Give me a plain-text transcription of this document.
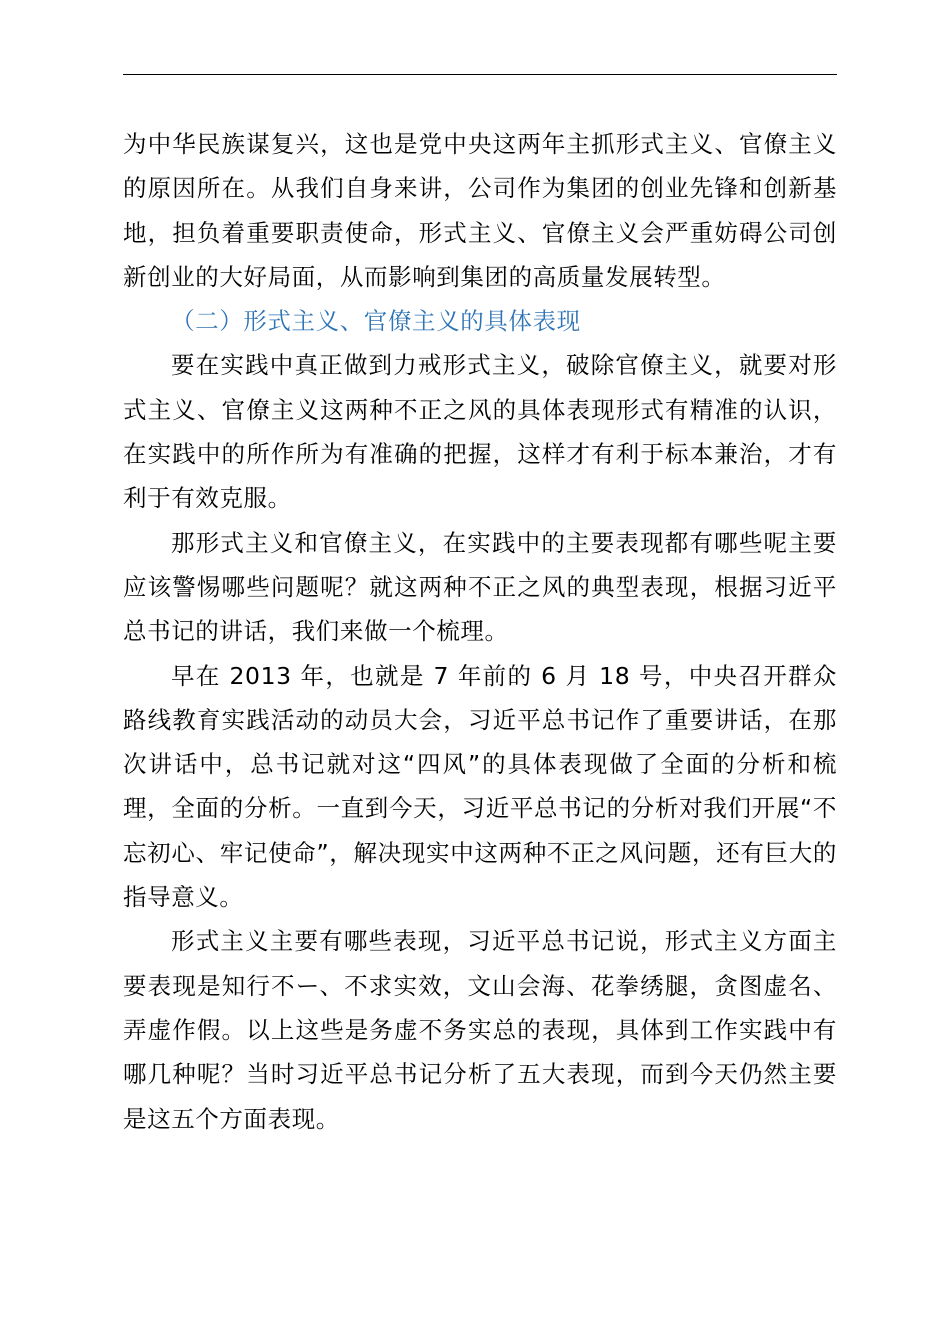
为中华民族谋复兴，这也是党中央这两年主抓形式主义、官僚主义的原因所在。从我们自身来讲，公司作为集团的创业先锋和创新基地，担负着重要职责使命，形式主义、官僚主义会严重妨碍公司创新创业的大好局面，从而影响到集团的高质量发展转型。

（二）形式主义、官僚主义的具体表现

要在实践中真正做到力戒形式主义，破除官僚主义，就要对形式主义、官僚主义这两种不正之风的具体表现形式有精准的认识，在实践中的所作所为有准确的把握，这样才有利于标本兼治，才有利于有效克服。

那形式主义和官僚主义，在实践中的主要表现都有哪些呢主要应该警惕哪些问题呢？就这两种不正之风的典型表现，根据习近平总书记的讲话，我们来做一个梳理。

早在 2013 年，也就是 7 年前的 6 月 18 号，中央召开群众路线教育实践活动的动员大会，习近平总书记作了重要讲话，在那次讲话中，总书记就对这“四风”的具体表现做了全面的分析和梳理，全面的分析。一直到今天，习近平总书记的分析对我们开展“不忘初心、牢记使命”，解决现实中这两种不正之风问题，还有巨大的指导意义。

形式主义主要有哪些表现，习近平总书记说，形式主义方面主要表现是知行不ー、不求实效，文山会海、花拳绣腿，贪图虚名、弄虚作假。以上这些是务虚不务实总的表现，具体到工作实践中有哪几种呢？当时习近平总书记分析了五大表现，而到今天仍然主要是这五个方面表现。
